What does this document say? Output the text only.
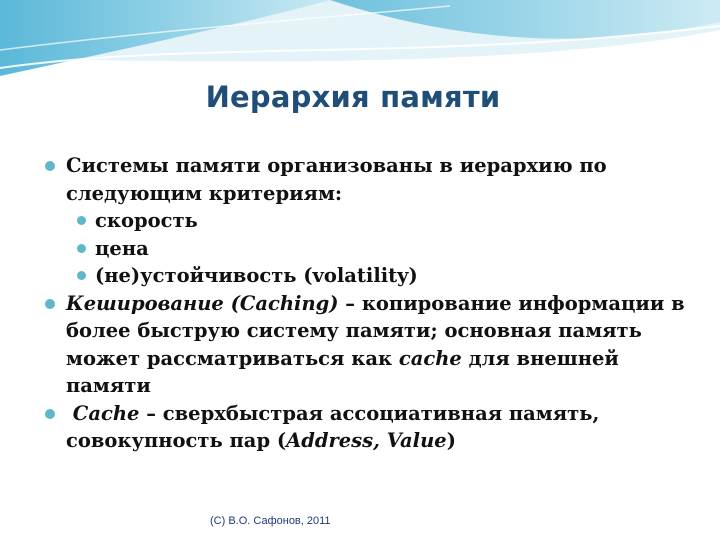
Иерархия памяти
Системы памяти организованы в иерархию по следующим критериям:
скорость
цена
(не)устойчивость (volatility)
Кеширование (Caching) – копирование информации в более быструю систему памяти; основная память может рассматриваться как cache для внешней памяти
Cache – сверхбыстрая ассоциативная память, совокупность пар (Address, Value)
(С) В.О. Сафонов, 2011
